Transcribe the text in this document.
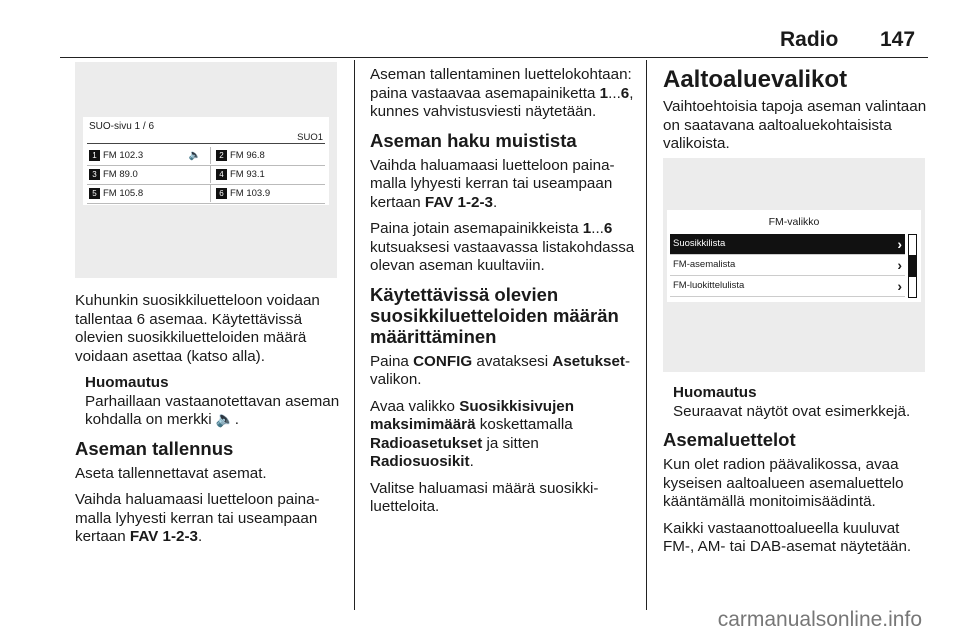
Radio 147
SUO-sivu 1 / 6
SUO1
1 FM 102.3	🔈	2 FM 96.8
3 FM 89.0	4 FM 93.1
5 FM 105.8	6 FM 103.9

Kuhunkin suosikkiluetteloon voidaan tallentaa 6 asemaa. Käytettävissä olevien suosikkiluetteloiden määrä voidaan asettaa (katso alla).

Huomautus
Parhaillaan vastaanotettavan aseman kohdalla on merkki 🔈.
Aseman tallennus

Aseta tallennettavat asemat.

Vaihda haluamaasi luetteloon painamalla lyhyesti kerran tai useampaan kertaan FAV 1-2-3.

Aseman tallentaminen luettelokohtaan: paina vastaavaa asemapainiketta 1...6, kunnes vahvistusviesti näytetään.

Aseman haku muistista

Vaihda haluamaasi luetteloon painamalla lyhyesti kerran tai useampaan kertaan FAV 1-2-3.

Paina jotain asemapainikkeista 1...6 kutsuaksesi vastaavassa listakohdassa olevan aseman kuultaviin.

Käytettävissä olevien suosikkiluetteloiden määrän määrittäminen

Paina CONFIG avataksesi Asetukset-valikon.

Avaa valikko Suosikkisivujen maksimimäärä koskettamalla Radioasetukset ja sitten Radiosuosikit.

Valitse haluamasi määrä suosikkiluetteloita.

Aaltoaluevalikot

Vaihtoehtoisia tapoja aseman valintaan on saatavana aaltoaluekohtaisista valikoista.

FM-valikko
Suosikkilista	›
FM-asemalista	›
FM-luokittelulista	›
Huomautus
Seuraavat näytöt ovat esimerkkejä.
Asemaluettelot

Kun olet radion päävalikossa, avaa kyseisen aaltoalueen asemaluettelo kääntämällä monitoimisäädintä.

Kaikki vastaanottoalueella kuuluvat FM-, AM- tai DAB-asemat näytetään.

carmanualsonline.info
